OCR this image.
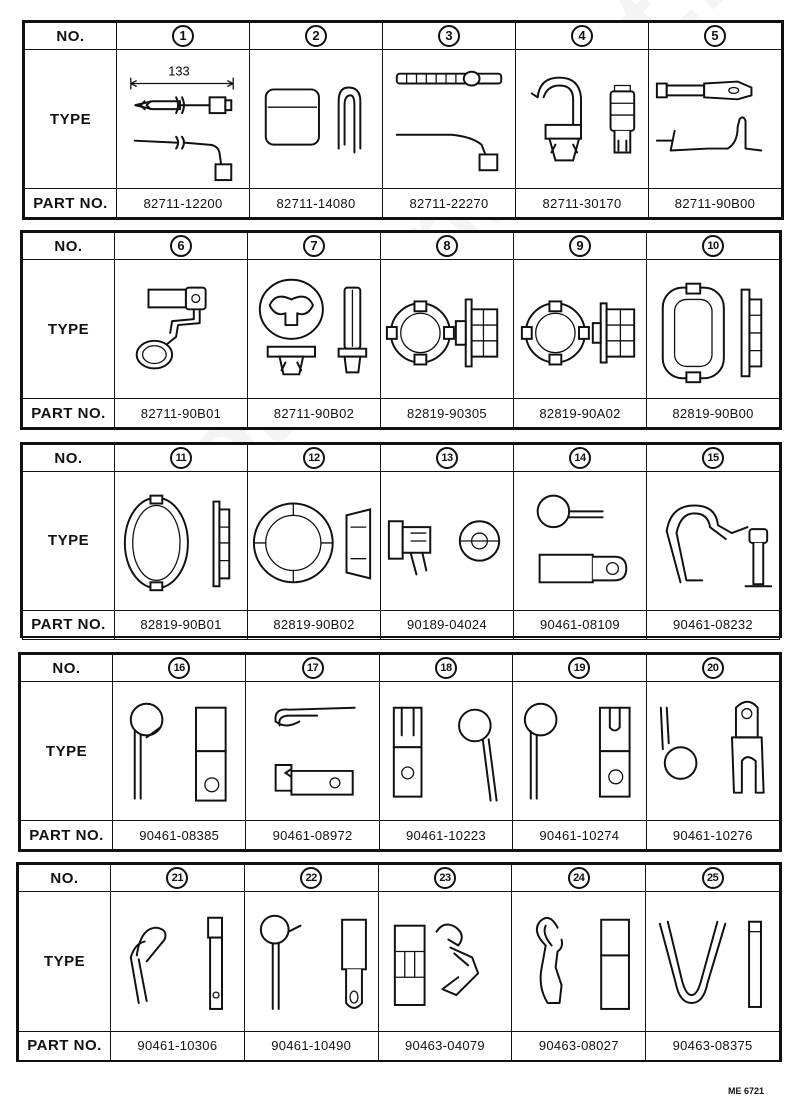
NO.	1	2	3	4	5
TYPE	133

PART NO.	82711-12200	82711-14080	82711-22270	82711-30170	82711-90B00
NO.	6	7	8	9	10
TYPE	

PART NO.	82711-90B01	82711-90B02	82819-90305	82819-90A02	82819-90B00
NO.	11	12	13	14	15
TYPE	

PART NO.	82819-90B01	82819-90B02	90189-04024	90461-08109	90461-08232
NO.	16	17	18	19	20
TYPE	

PART NO.	90461-08385	90461-08972	90461-10223	90461-10274	90461-10276
NO.	21	22	23	24	25
TYPE	

PART NO.	90461-10306	90461-10490	90463-04079	90463-08027	90463-08375
ME 6721
